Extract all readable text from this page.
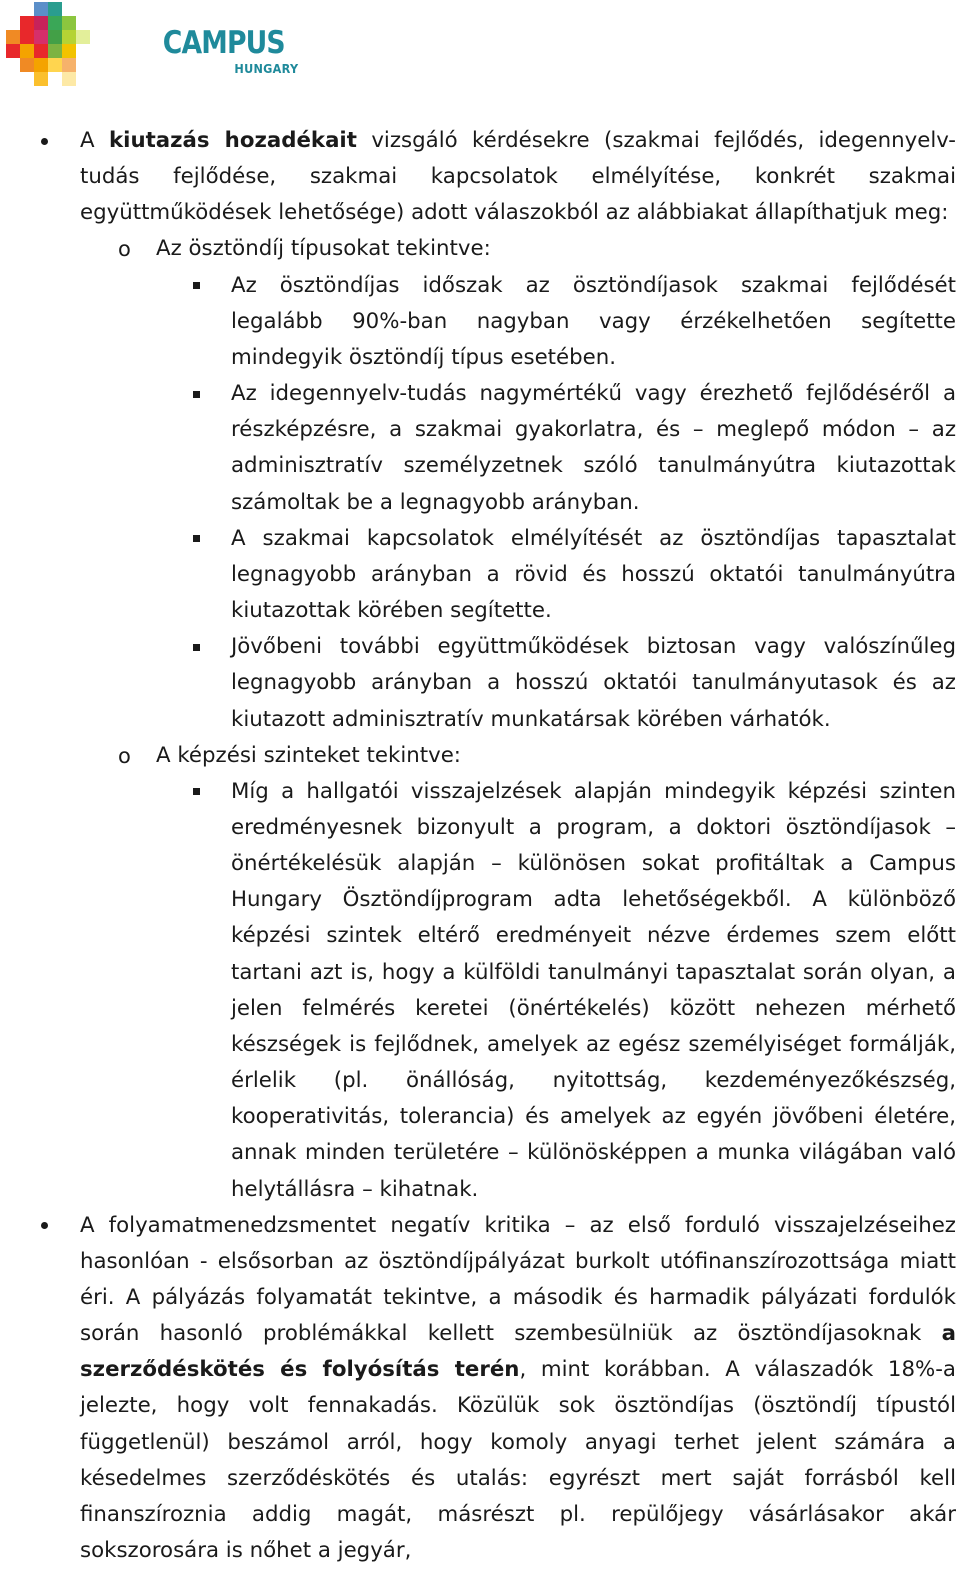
CAMPUS
HUNGARY
A kiutazás hozadékait vizsgáló kérdésekre (szakmai fejlődés, idegennyelv-tudás fejlődése, szakmai kapcsolatok elmélyítése, konkrét szakmai együttműködések lehetősége) adott válaszokból az alábbiakat állapíthatjuk meg:
o Az ösztöndíj típusokat tekintve:
Az ösztöndíjas időszak az ösztöndíjasok szakmai fejlődését legalább 90%-ban nagyban vagy érzékelhetően segítette mindegyik ösztöndíj típus esetében.
Az idegennyelv-tudás nagymértékű vagy érezhető fejlődéséről a részképzésre, a szakmai gyakorlatra, és – meglepő módon – az adminisztratív személyzetnek szóló tanulmányútra kiutazottak számoltak be a legnagyobb arányban.
A szakmai kapcsolatok elmélyítését az ösztöndíjas tapasztalat legnagyobb arányban a rövid és hosszú oktatói tanulmányútra kiutazottak körében segítette.
Jövőbeni további együttműködések biztosan vagy valószínűleg legnagyobb arányban a hosszú oktatói tanulmányutasok és az kiutazott adminisztratív munkatársak körében várhatók.
o A képzési szinteket tekintve:
Míg a hallgatói visszajelzések alapján mindegyik képzési szinten eredményesnek bizonyult a program, a doktori ösztöndíjasok – önértékelésük alapján – különösen sokat profitáltak a Campus Hungary Ösztöndíjprogram adta lehetőségekből. A különböző képzési szintek eltérő eredményeit nézve érdemes szem előtt tartani azt is, hogy a külföldi tanulmányi tapasztalat során olyan, a jelen felmérés keretei (önértékelés) között nehezen mérhető készségek is fejlődnek, amelyek az egész személyiséget formálják, érlelik (pl. önállóság, nyitottság, kezdeményezőkészség, kooperativitás, tolerancia) és amelyek az egyén jövőbeni életére, annak minden területére – különösképpen a munka világában való helytállásra – kihatnak.
A folyamatmenedzsmentet negatív kritika – az első forduló visszajelzéseihez hasonlóan - elsősorban az ösztöndíjpályázat burkolt utófinanszírozottsága miatt éri. A pályázás folyamatát tekintve, a második és harmadik pályázati fordulók során hasonló problémákkal kellett szembesülniük az ösztöndíjasoknak a szerződéskötés és folyósítás terén, mint korábban. A válaszadók 18%-a jelezte, hogy volt fennakadás. Közülük sok ösztöndíjas (ösztöndíj típustól függetlenül) beszámol arról, hogy komoly anyagi terhet jelent számára a késedelmes szerződéskötés és utalás: egyrészt mert saját forrásból kell finanszíroznia addig magát, másrészt pl. repülőjegy vásárlásakor akár sokszorosára is nőhet a jegyár,
